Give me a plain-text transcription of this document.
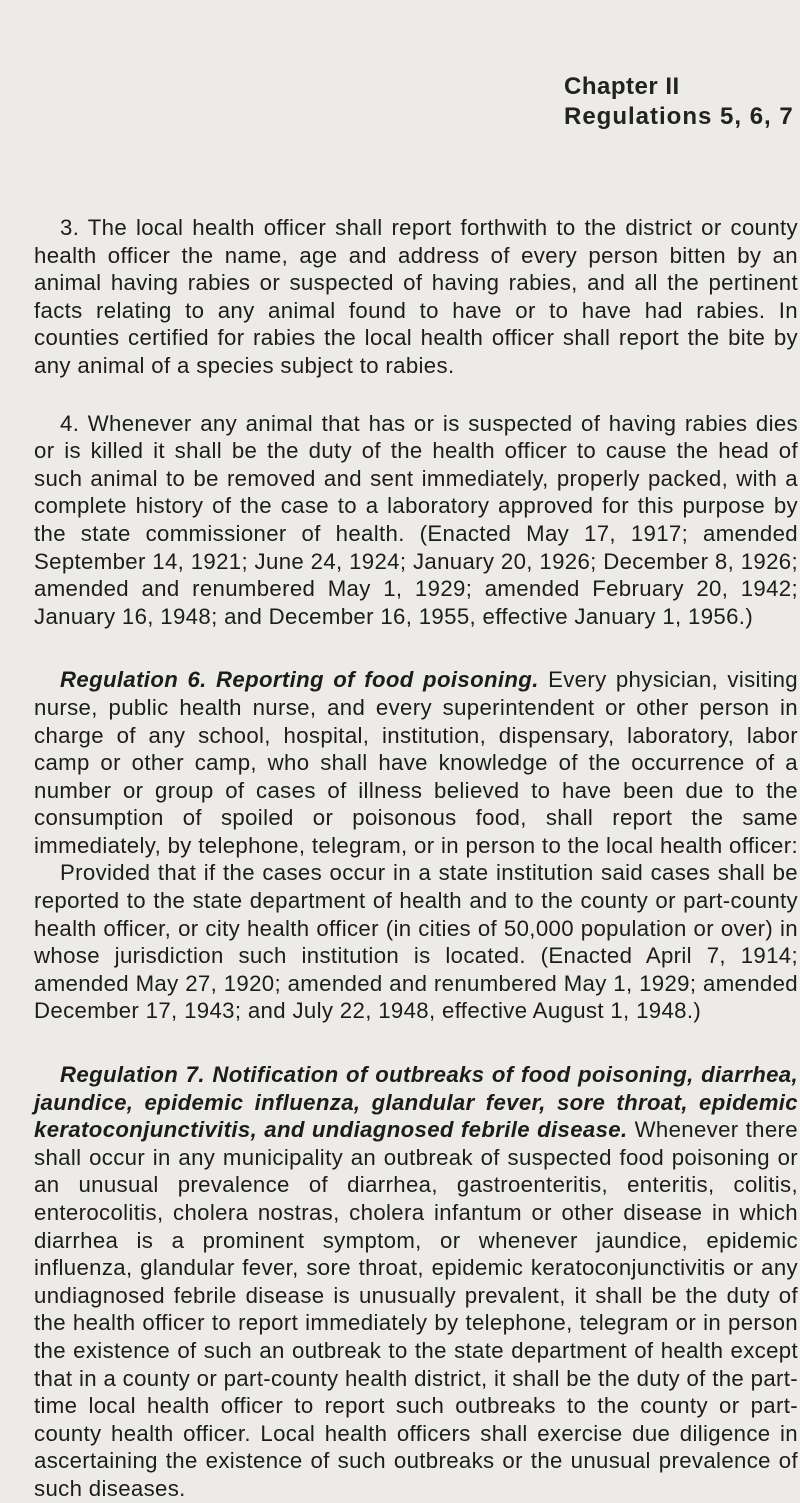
Chapter II
Regulations 5, 6, 7

3. The local health officer shall report forthwith to the district or county health officer the name, age and address of every person bitten by an animal having rabies or suspected of having rabies, and all the pertinent facts relating to any animal found to have or to have had rabies. In counties certified for rabies the local health officer shall report the bite by any animal of a species subject to rabies.

4. Whenever any animal that has or is suspected of having rabies dies or is killed it shall be the duty of the health officer to cause the head of such animal to be removed and sent immediately, properly packed, with a complete history of the case to a laboratory approved for this purpose by the state commissioner of health. (Enacted May 17, 1917; amended September 14, 1921; June 24, 1924; January 20, 1926; December 8, 1926; amended and renumbered May 1, 1929; amended February 20, 1942; January 16, 1948; and December 16, 1955, effective January 1, 1956.)

Regulation 6. Reporting of food poisoning. Every physician, visiting nurse, public health nurse, and every superintendent or other person in charge of any school, hospital, institution, dispensary, laboratory, labor camp or other camp, who shall have knowledge of the occurrence of a number or group of cases of illness believed to have been due to the consumption of spoiled or poisonous food, shall report the same immediately, by telephone, telegram, or in person to the local health officer:

Provided that if the cases occur in a state institution said cases shall be reported to the state department of health and to the county or part-county health officer, or city health officer (in cities of 50,000 population or over) in whose jurisdiction such institution is located. (Enacted April 7, 1914; amended May 27, 1920; amended and renumbered May 1, 1929; amended December 17, 1943; and July 22, 1948, effective August 1, 1948.)

Regulation 7. Notification of outbreaks of food poisoning, diarrhea, jaundice, epidemic influenza, glandular fever, sore throat, epidemic keratoconjunctivitis, and undiagnosed febrile disease. Whenever there shall occur in any municipality an outbreak of suspected food poisoning or an unusual prevalence of diarrhea, gastroenteritis, enteritis, colitis, enterocolitis, cholera nostras, cholera infantum or other disease in which diarrhea is a prominent symptom, or whenever jaundice, epidemic influenza, glandular fever, sore throat, epidemic keratoconjunctivitis or any undiagnosed febrile disease is unusually prevalent, it shall be the duty of the health officer to report immediately by telephone, telegram or in person the existence of such an outbreak to the state department of health except that in a county or part-county health district, it shall be the duty of the part-time local health officer to report such outbreaks to the county or part-county health officer. Local health officers shall exercise due diligence in ascertaining the existence of such outbreaks or the unusual prevalence of such diseases.
